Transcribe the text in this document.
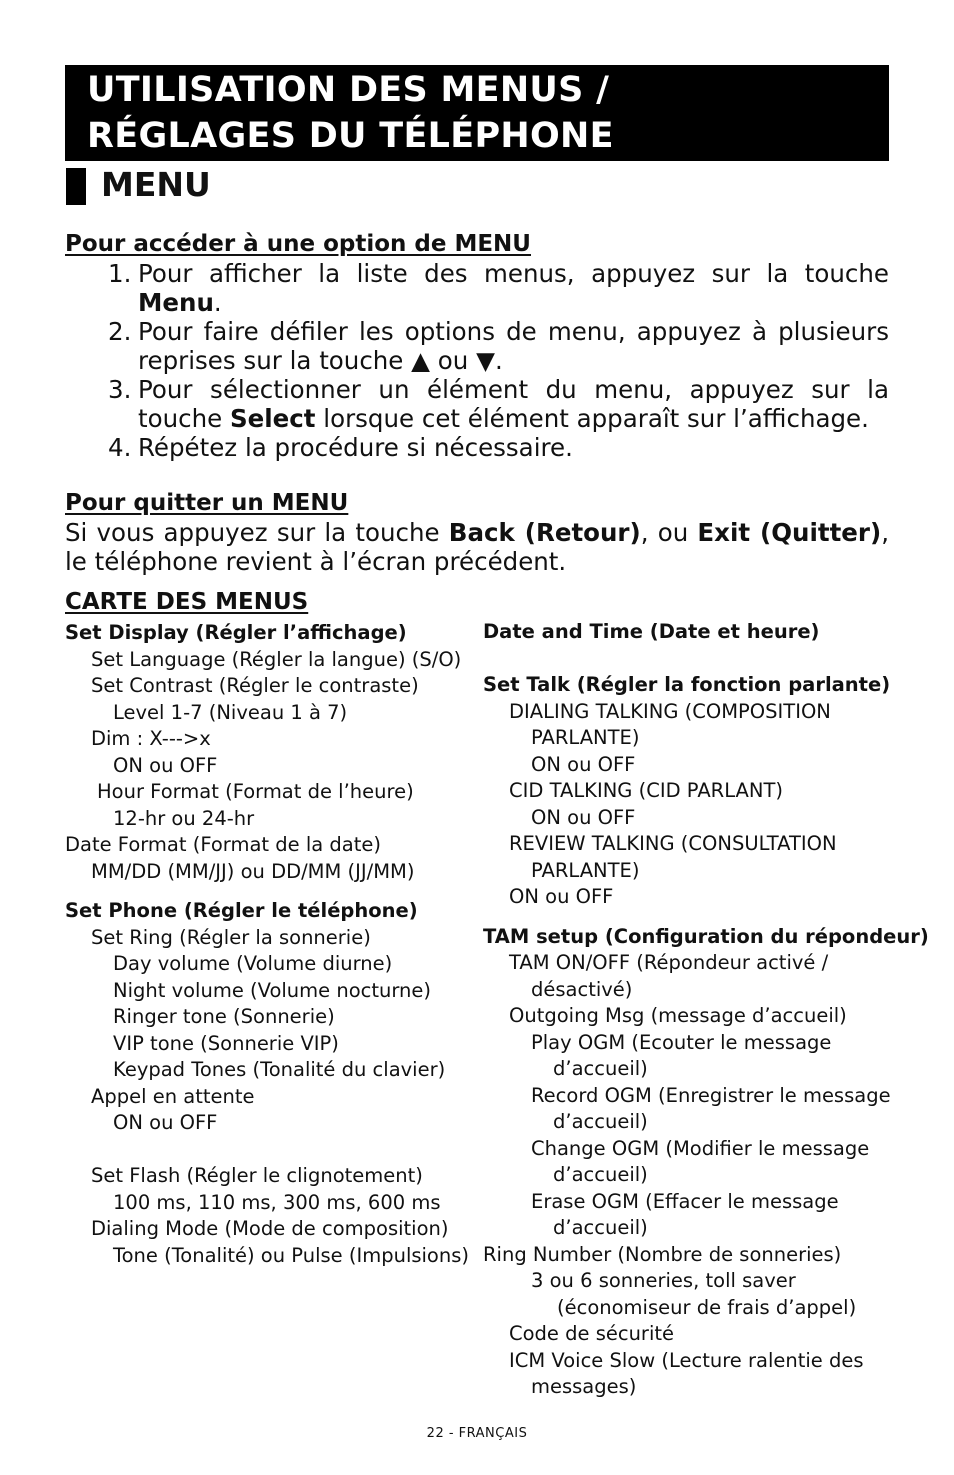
UTILISATION DES MENUS /
RÉGLAGES DU TÉLÉPHONE
MENU
Pour accéder à une option de MENU
1. Pour afficher la liste des menus, appuyez sur la touche Menu.
2. Pour faire défiler les options de menu, appuyez à plusieurs reprises sur la touche ▲ ou ▼.
3. Pour sélectionner un élément du menu, appuyez sur la touche Select lorsque cet élément apparaît sur l’affichage.
4. Répétez la procédure si nécessaire.
Pour quitter un MENU
Si vous appuyez sur la touche Back (Retour), ou Exit (Quitter), le téléphone revient à l’écran précédent.
CARTE DES MENUS
Set Display (Régler l’affichage)
Set Language (Régler la langue) (S/O)
Set Contrast (Régler le contraste)
Level 1-7 (Niveau 1 à 7)
Dim : X--->x
ON ou OFF
Hour Format (Format de l’heure)
12-hr ou 24-hr
Date Format (Format de la date)
MM/DD (MM/JJ) ou DD/MM (JJ/MM)
Set Phone (Régler le téléphone)
Set Ring (Régler la sonnerie)
Day volume (Volume diurne)
Night volume (Volume nocturne)
Ringer tone (Sonnerie)
VIP tone (Sonnerie VIP)
Keypad Tones (Tonalité du clavier)
Appel en attente
ON ou OFF
Set Flash (Régler le clignotement)
100 ms, 110 ms, 300 ms, 600 ms
Dialing Mode (Mode de composition)
Tone (Tonalité) ou Pulse (Impulsions)
Date and Time (Date et heure)
Set Talk (Régler la fonction parlante)
DIALING TALKING (COMPOSITION
PARLANTE)
ON ou OFF
CID TALKING (CID PARLANT)
ON ou OFF
REVIEW TALKING (CONSULTATION
PARLANTE)
ON ou OFF
TAM setup (Configuration du répondeur)
TAM ON/OFF (Répondeur activé /
désactivé)
Outgoing Msg (message d’accueil)
Play OGM (Ecouter le message
d’accueil)
Record OGM (Enregistrer le message
d’accueil)
Change OGM (Modifier le message
d’accueil)
Erase OGM (Effacer le message
d’accueil)
Ring Number (Nombre de sonneries)
3 ou 6 sonneries, toll saver
(économiseur de frais d’appel)
Code de sécurité
ICM Voice Slow (Lecture ralentie des
messages)
22 - FRANÇAIS
